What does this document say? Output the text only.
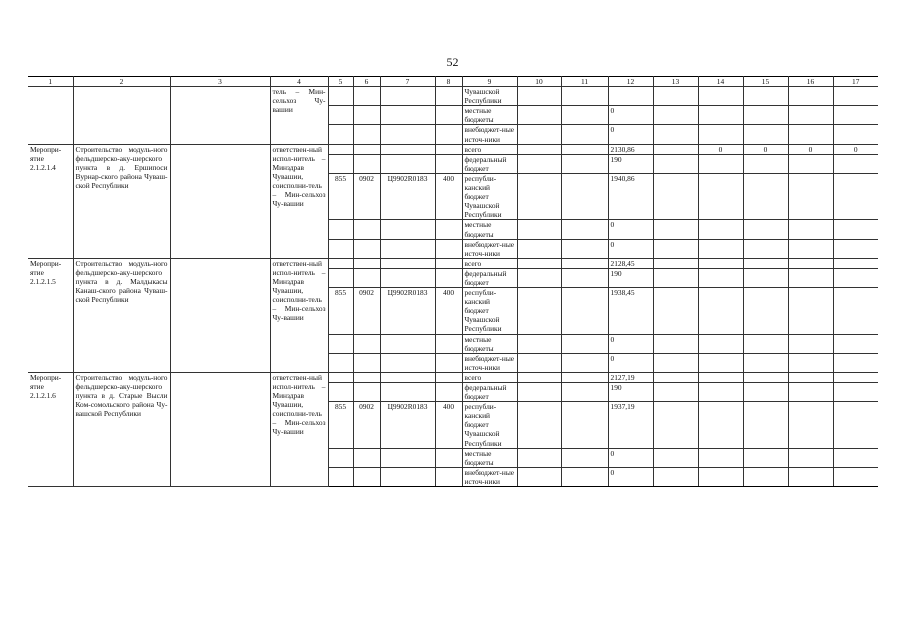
52
1	2	3	4	5	6	7	8	9	10	11	12	13	14	15	16	17
			тель – Мин-сельхоз Чу-вашии					Чувашской Республики								
								местные бюджеты			0					
								внебюджет-ные источ-ники			0					
Меропри-ятие 2.1.2.1.4	Строительство модуль-ного фельдшерско-аку-шерского пункта в д. Ершипоси Вурнар-ского района Чуваш-ской Республики		ответствен-ный испол-нитель – Минздрав Чувашии, соисполни-тель – Мин-сельхоз Чу-вашии					всего			2130,86		0	0	0	0
								федеральный бюджет			190					
				855	0902	Ц9902R0183	400	республи-канский бюджет Чувашской Республики			1940,86					
								местные бюджеты			0					
								внебюджет-ные источ-ники			0					
Меропри-ятие 2.1.2.1.5	Строительство модуль-ного фельдшерско-аку-шерского пункта в д. Малдыкасы Канаш-ского района Чуваш-ской Республики		ответствен-ный испол-нитель – Минздрав Чувашии, соисполни-тель – Мин-сельхоз Чу-вашии					всего			2128,45					
								федеральный бюджет			190					
				855	0902	Ц9902R0183	400	республи-канский бюджет Чувашской Республики			1938,45					
								местные бюджеты			0					
								внебюджет-ные источ-ники			0					
Меропри-ятие 2.1.2.1.6	Строительство модуль-ного фельдшерско-аку-шерского пункта в д. Старые Высли Ком-сомольского района Чу-вашской Республики		ответствен-ный испол-нитель – Минздрав Чувашии, соисполни-тель – Мин-сельхоз Чу-вашии					всего			2127,19					
								федеральный бюджет			190					
				855	0902	Ц9902R0183	400	республи-канский бюджет Чувашской Республики			1937,19					
								местные бюджеты			0					
								внебюджет-ные источ-ники			0					
